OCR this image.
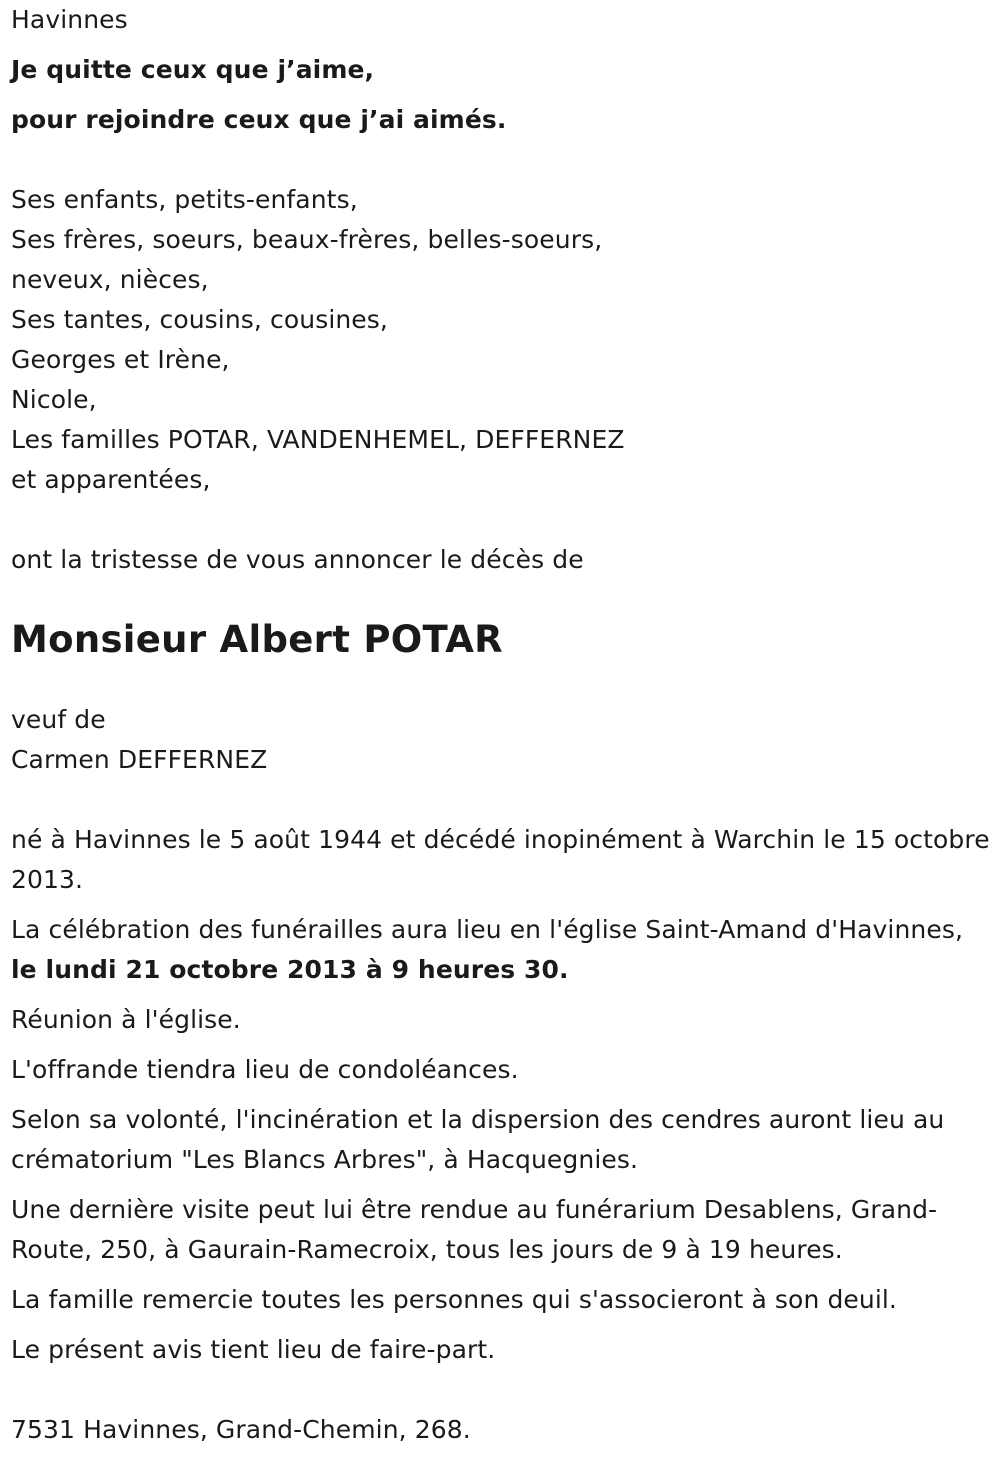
Havinnes
Je quitte ceux que j’aime,
pour rejoindre ceux que j’ai aimés.
Ses enfants, petits-enfants,
Ses frères, soeurs, beaux-frères, belles-soeurs,
neveux, nièces,
Ses tantes, cousins, cousines,
Georges et Irène,
Nicole,
Les familles POTAR, VANDENHEMEL, DEFFERNEZ
et apparentées,
ont la tristesse de vous annoncer le décès de
Monsieur Albert POTAR
veuf de
Carmen DEFFERNEZ
né à Havinnes le 5 août 1944 et décédé inopinément à Warchin le 15 octobre 2013.
La célébration des funérailles aura lieu en l'église Saint-Amand d'Havinnes, le lundi 21 octobre 2013 à 9 heures 30.
Réunion à l'église.
L'offrande tiendra lieu de condoléances.
Selon sa volonté, l'incinération et la dispersion des cendres auront lieu au crématorium "Les Blancs Arbres", à Hacquegnies.
Une dernière visite peut lui être rendue au funérarium Desablens, Grand-Route, 250, à Gaurain-Ramecroix, tous les jours de 9 à 19 heures.
La famille remercie toutes les personnes qui s'associeront à son deuil.
Le présent avis tient lieu de faire-part.
7531 Havinnes, Grand-Chemin, 268.
